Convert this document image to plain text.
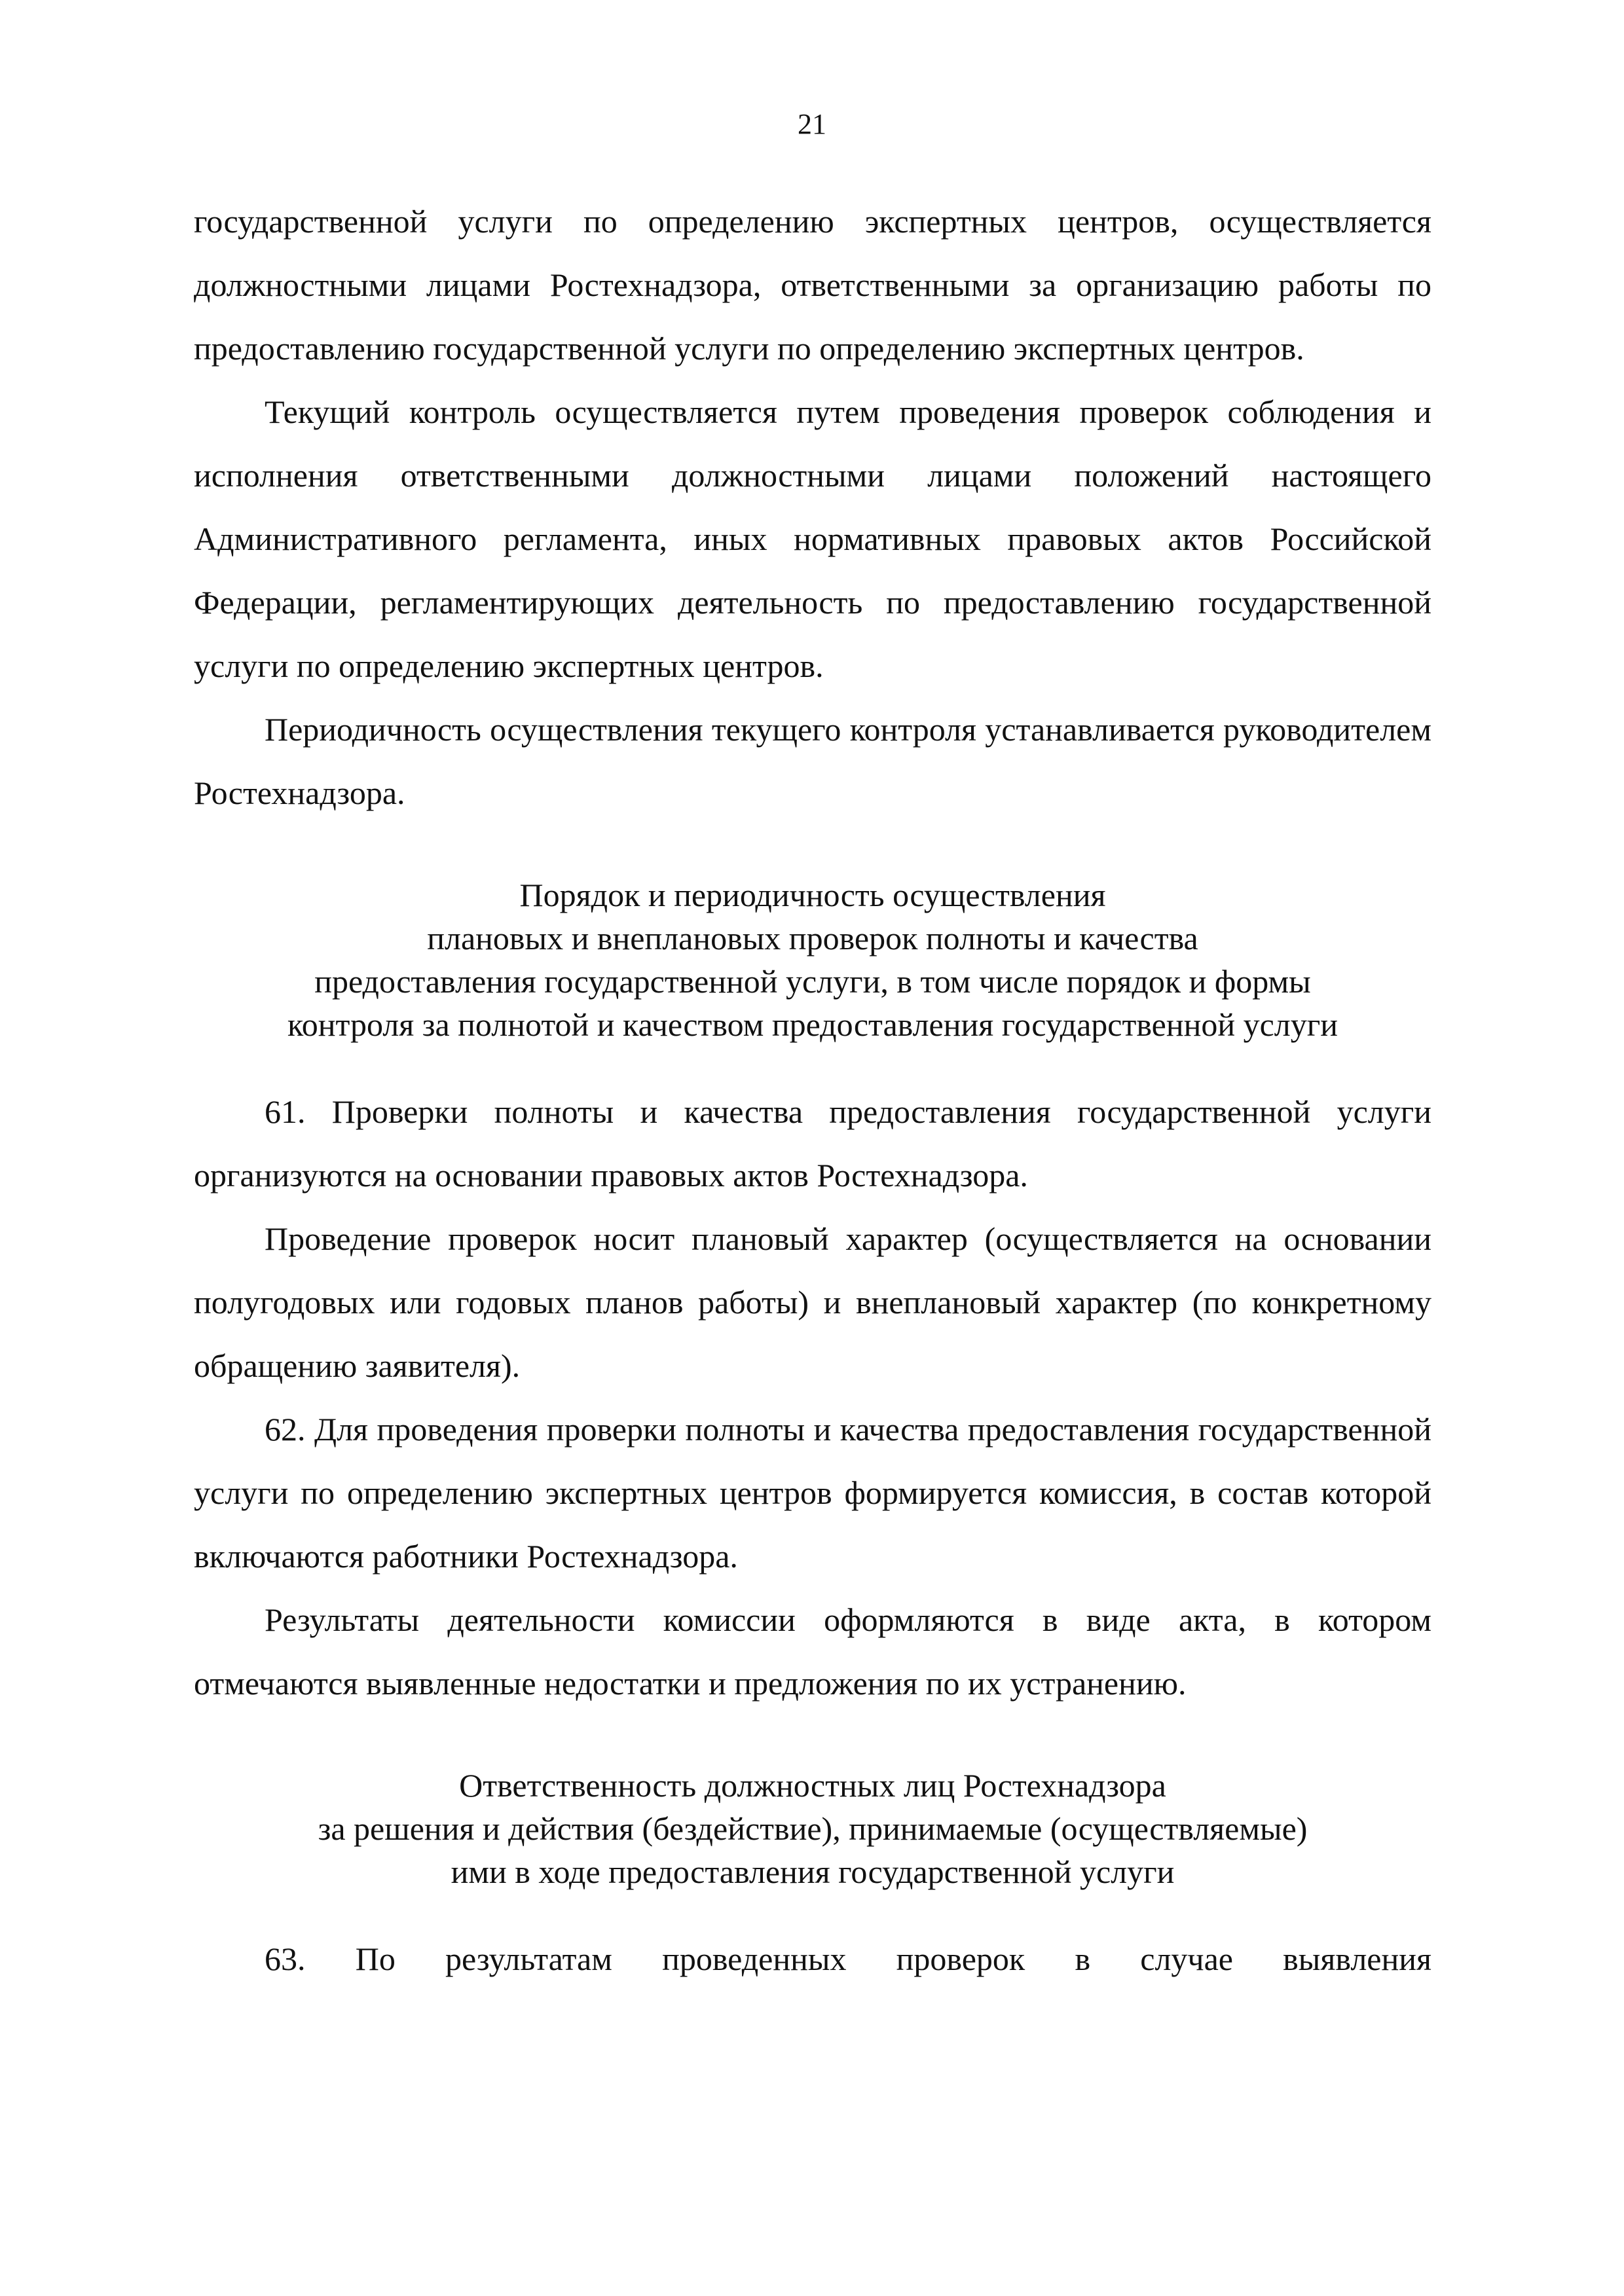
21

государственной услуги по определению экспертных центров, осуществляется должностными лицами Ростехнадзора, ответственными за организацию работы по предоставлению государственной услуги по определению экспертных центров.

Текущий контроль осуществляется путем проведения проверок соблюдения и исполнения ответственными должностными лицами положений настоящего Административного регламента, иных нормативных правовых актов Российской Федерации, регламентирующих деятельность по предоставлению государственной услуги по определению экспертных центров.

Периодичность осуществления текущего контроля устанавливается руководителем Ростехнадзора.

Порядок и периодичность осуществления
плановых и внеплановых проверок полноты и качества
предоставления государственной услуги, в том числе порядок и формы
контроля за полнотой и качеством предоставления государственной услуги

61. Проверки полноты и качества предоставления государственной услуги организуются на основании правовых актов Ростехнадзора.

Проведение проверок носит плановый характер (осуществляется на основании полугодовых или годовых планов работы) и внеплановый характер (по конкретному обращению заявителя).

62. Для проведения проверки полноты и качества предоставления государственной услуги по определению экспертных центров формируется комиссия, в состав которой включаются работники Ростехнадзора.

Результаты деятельности комиссии оформляются в виде акта, в котором отмечаются выявленные недостатки и предложения по их устранению.

Ответственность должностных лиц Ростехнадзора
за решения и действия (бездействие), принимаемые (осуществляемые)
ими в ходе предоставления государственной услуги

63. По результатам проведенных проверок в случае выявления
